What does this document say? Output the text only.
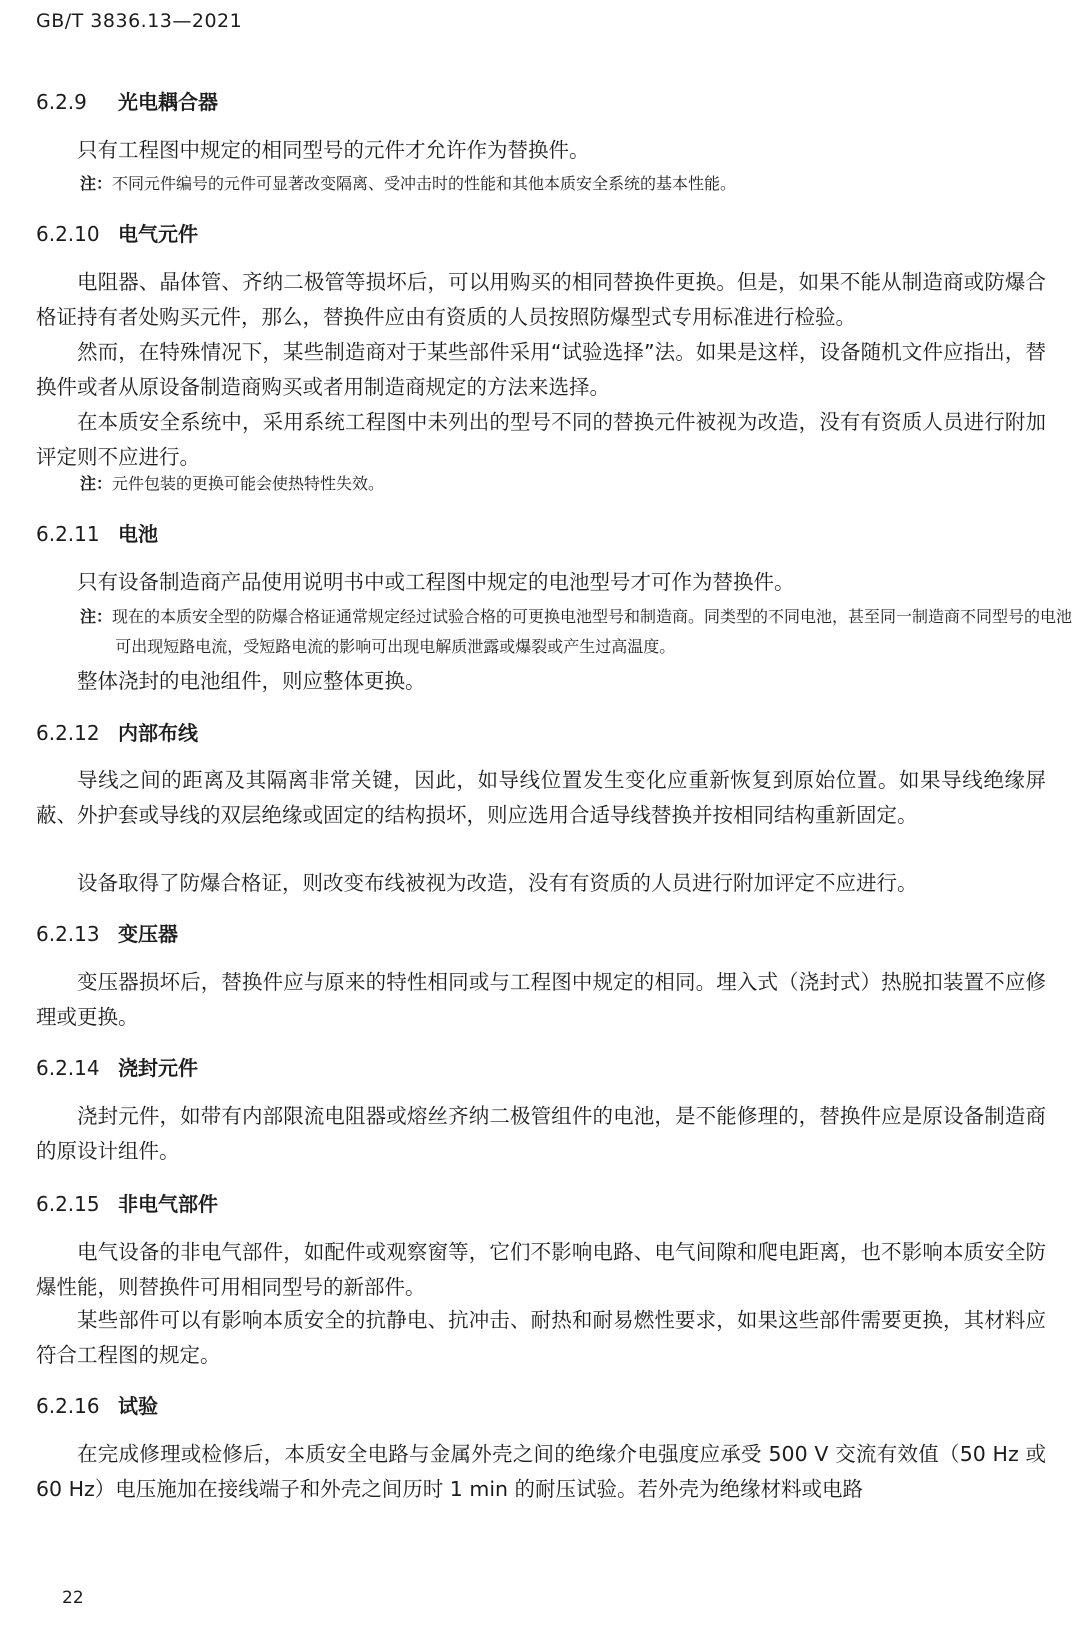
GB/T 3836.13—2021
6.2.9 光电耦合器
只有工程图中规定的相同型号的元件才允许作为替换件。
注：不同元件编号的元件可显著改变隔离、受冲击时的性能和其他本质安全系统的基本性能。
6.2.10 电气元件
电阻器、晶体管、齐纳二极管等损坏后，可以用购买的相同替换件更换。但是，如果不能从制造商或防爆合格证持有者处购买元件，那么，替换件应由有资质的人员按照防爆型式专用标准进行检验。
然而，在特殊情况下，某些制造商对于某些部件采用“试验选择”法。如果是这样，设备随机文件应指出，替换件或者从原设备制造商购买或者用制造商规定的方法来选择。
在本质安全系统中，采用系统工程图中未列出的型号不同的替换元件被视为改造，没有有资质人员进行附加评定则不应进行。
注：元件包装的更换可能会使热特性失效。
6.2.11 电池
只有设备制造商产品使用说明书中或工程图中规定的电池型号才可作为替换件。
注：现在的本质安全型的防爆合格证通常规定经过试验合格的可更换电池型号和制造商。同类型的不同电池，甚至同一制造商不同型号的电池可出现短路电流，受短路电流的影响可出现电解质泄露或爆裂或产生过高温度。
整体浇封的电池组件，则应整体更换。
6.2.12 内部布线
导线之间的距离及其隔离非常关键，因此，如导线位置发生变化应重新恢复到原始位置。如果导线绝缘屏蔽、外护套或导线的双层绝缘或固定的结构损坏，则应选用合适导线替换并按相同结构重新固定。
设备取得了防爆合格证，则改变布线被视为改造，没有有资质的人员进行附加评定不应进行。
6.2.13 变压器
变压器损坏后，替换件应与原来的特性相同或与工程图中规定的相同。埋入式（浇封式）热脱扣装置不应修理或更换。
6.2.14 浇封元件
浇封元件，如带有内部限流电阻器或熔丝齐纳二极管组件的电池，是不能修理的，替换件应是原设备制造商的原设计组件。
6.2.15 非电气部件
电气设备的非电气部件，如配件或观察窗等，它们不影响电路、电气间隙和爬电距离，也不影响本质安全防爆性能，则替换件可用相同型号的新部件。
某些部件可以有影响本质安全的抗静电、抗冲击、耐热和耐易燃性要求，如果这些部件需要更换，其材料应符合工程图的规定。
6.2.16 试验
在完成修理或检修后，本质安全电路与金属外壳之间的绝缘介电强度应承受 500 V 交流有效值（50 Hz 或 60 Hz）电压施加在接线端子和外壳之间历时 1 min 的耐压试验。若外壳为绝缘材料或电路
22
